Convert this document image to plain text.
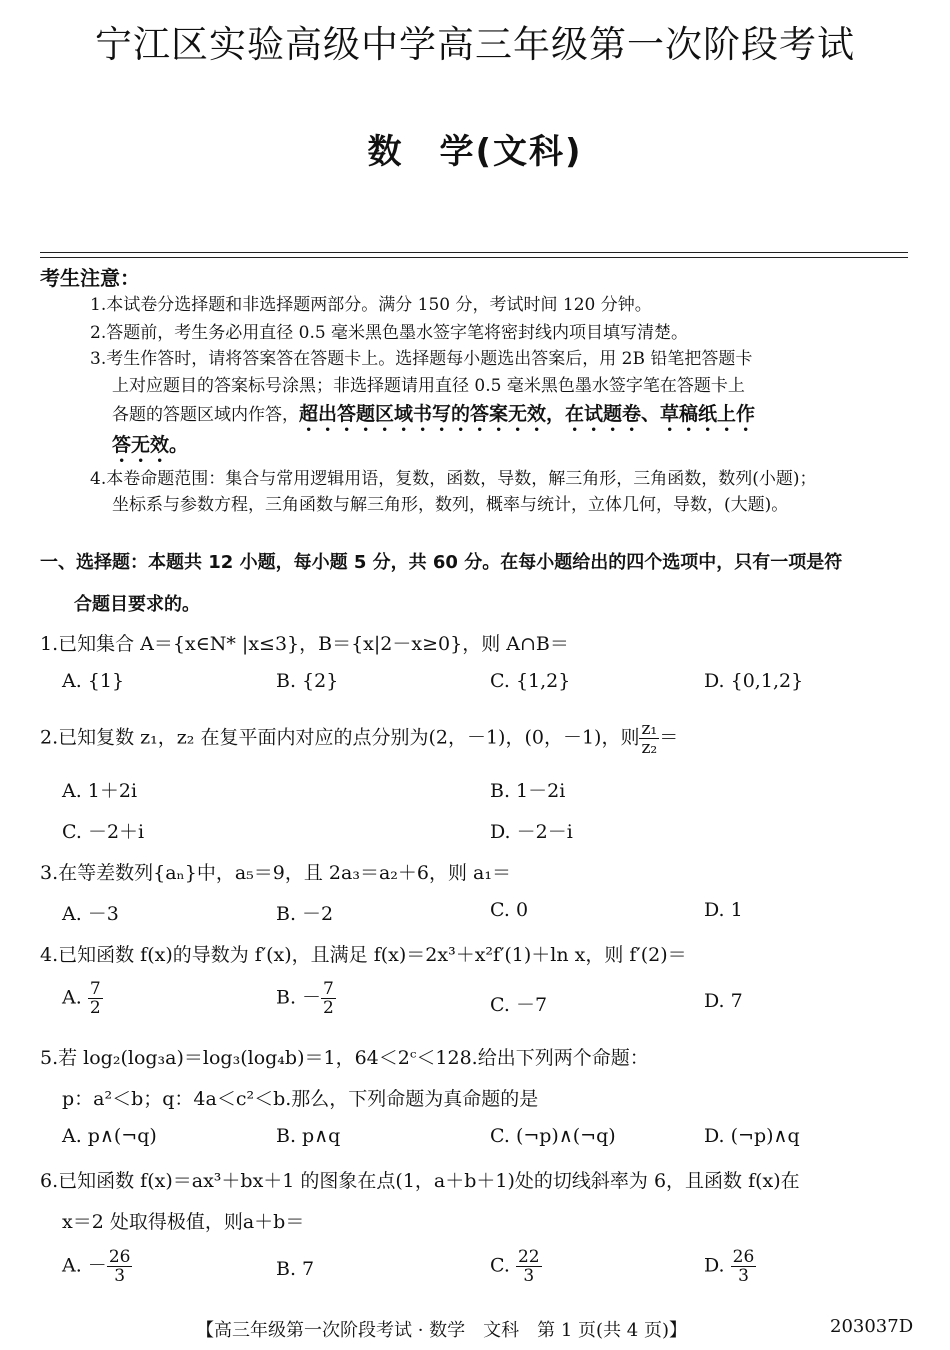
宁江区实验高级中学高三年级第一次阶段考试
数　学(文科)
考生注意：
1.本试卷分选择题和非选择题两部分。满分 150 分，考试时间 120 分钟。
2.答题前，考生务必用直径 0.5 毫米黑色墨水签字笔将密封线内项目填写清楚。
3.考生作答时，请将答案答在答题卡上。选择题每小题选出答案后，用 2B 铅笔把答题卡
上对应题目的答案标号涂黑；非选择题请用直径 0.5 毫米黑色墨水签字笔在答题卡上
各题的答题区域内作答，超出答题区域书写的答案无效，在试题卷、草稿纸上作
答无效。
4.本卷命题范围：集合与常用逻辑用语，复数，函数，导数，解三角形，三角函数，数列(小题)；
坐标系与参数方程，三角函数与解三角形，数列，概率与统计，立体几何，导数，(大题)。
一、选择题：本题共 12 小题，每小题 5 分，共 60 分。在每小题给出的四个选项中，只有一项是符
合题目要求的。
1.已知集合 A＝{x∈N* |x≤3}，B＝{x|2－x≥0}，则 A∩B＝
A. {1}	B. {2}	C. {1,2}	D. {0,1,2}
2.已知复数 z₁，z₂ 在复平面内对应的点分别为(2，－1)，(0，－1)，则 $\frac{\text{z₁}}{\text{z₂}}$ ＝
A. 1＋2i	B. 1－2i
C. －2＋i	D. －2－i
3.在等差数列{aₙ}中，a₅＝9，且 2a₃＝a₂＋6，则 a₁＝
A. －3	B. －2	C. 0	D. 1
4.已知函数 f(x)的导数为 f′(x)，且满足 f(x)＝2x³＋x²f′(1)＋ln x，则 f′(2)＝
A. $\frac{7}{2}$	B. － $\frac{7}{2}$	C. －7	D. 7
5.若 log₂(log₃a)＝log₃(log₄b)＝1，64＜2ᶜ＜128.给出下列两个命题：
p：a²＜b；q：4a＜c²＜b.那么，下列命题为真命题的是
A. p∧(¬q)	B. p∧q	C. (¬p)∧(¬q)	D. (¬p)∧q
6.已知函数 f(x)＝ax³＋bx＋1 的图象在点(1，a＋b＋1)处的切线斜率为 6，且函数 f(x)在
x＝2 处取得极值，则a＋b＝
A. － $\frac{26}{3}$	B. 7	C. $\frac{22}{3}$	D. $\frac{26}{3}$
【高三年级第一次阶段考试 · 数学　文科　第 1 页(共 4 页)】	203037D
